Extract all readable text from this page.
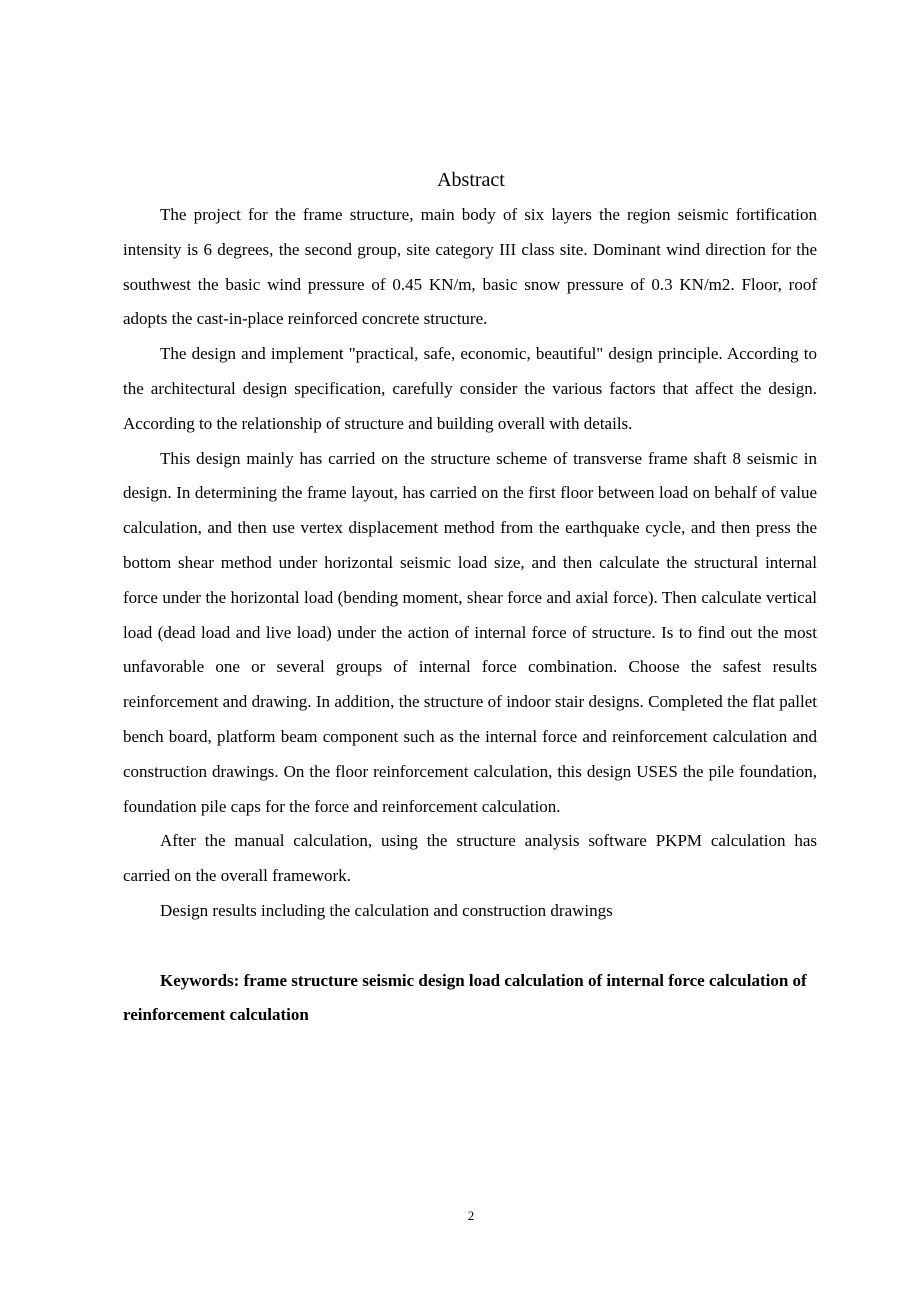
Abstract

The project for the frame structure, main body of six layers the region seismic fortification intensity is 6 degrees, the second group, site category III class site. Dominant wind direction for the southwest the basic wind pressure of 0.45 KN/m, basic snow pressure of 0.3 KN/m2. Floor, roof adopts the cast-in-place reinforced concrete structure.

The design and implement "practical, safe, economic, beautiful" design principle. According to the architectural design specification, carefully consider the various factors that affect the design. According to the relationship of structure and building overall with details.

This design mainly has carried on the structure scheme of transverse frame shaft 8 seismic in design. In determining the frame layout, has carried on the first floor between load on behalf of value calculation, and then use vertex displacement method from the earthquake cycle, and then press the bottom shear method under horizontal seismic load size, and then calculate the structural internal force under the horizontal load (bending moment, shear force and axial force). Then calculate vertical load (dead load and live load) under the action of internal force of structure. Is to find out the most unfavorable one or several groups of internal force combination. Choose the safest results reinforcement and drawing. In addition, the structure of indoor stair designs. Completed the flat pallet bench board, platform beam component such as the internal force and reinforcement calculation and construction drawings. On the floor reinforcement calculation, this design USES the pile foundation, foundation pile caps for the force and reinforcement calculation.

After the manual calculation, using the structure analysis software PKPM calculation has carried on the overall framework.

Design results including the calculation and construction drawings

Keywords: frame structure seismic design load calculation of internal force calculation of reinforcement calculation

2
